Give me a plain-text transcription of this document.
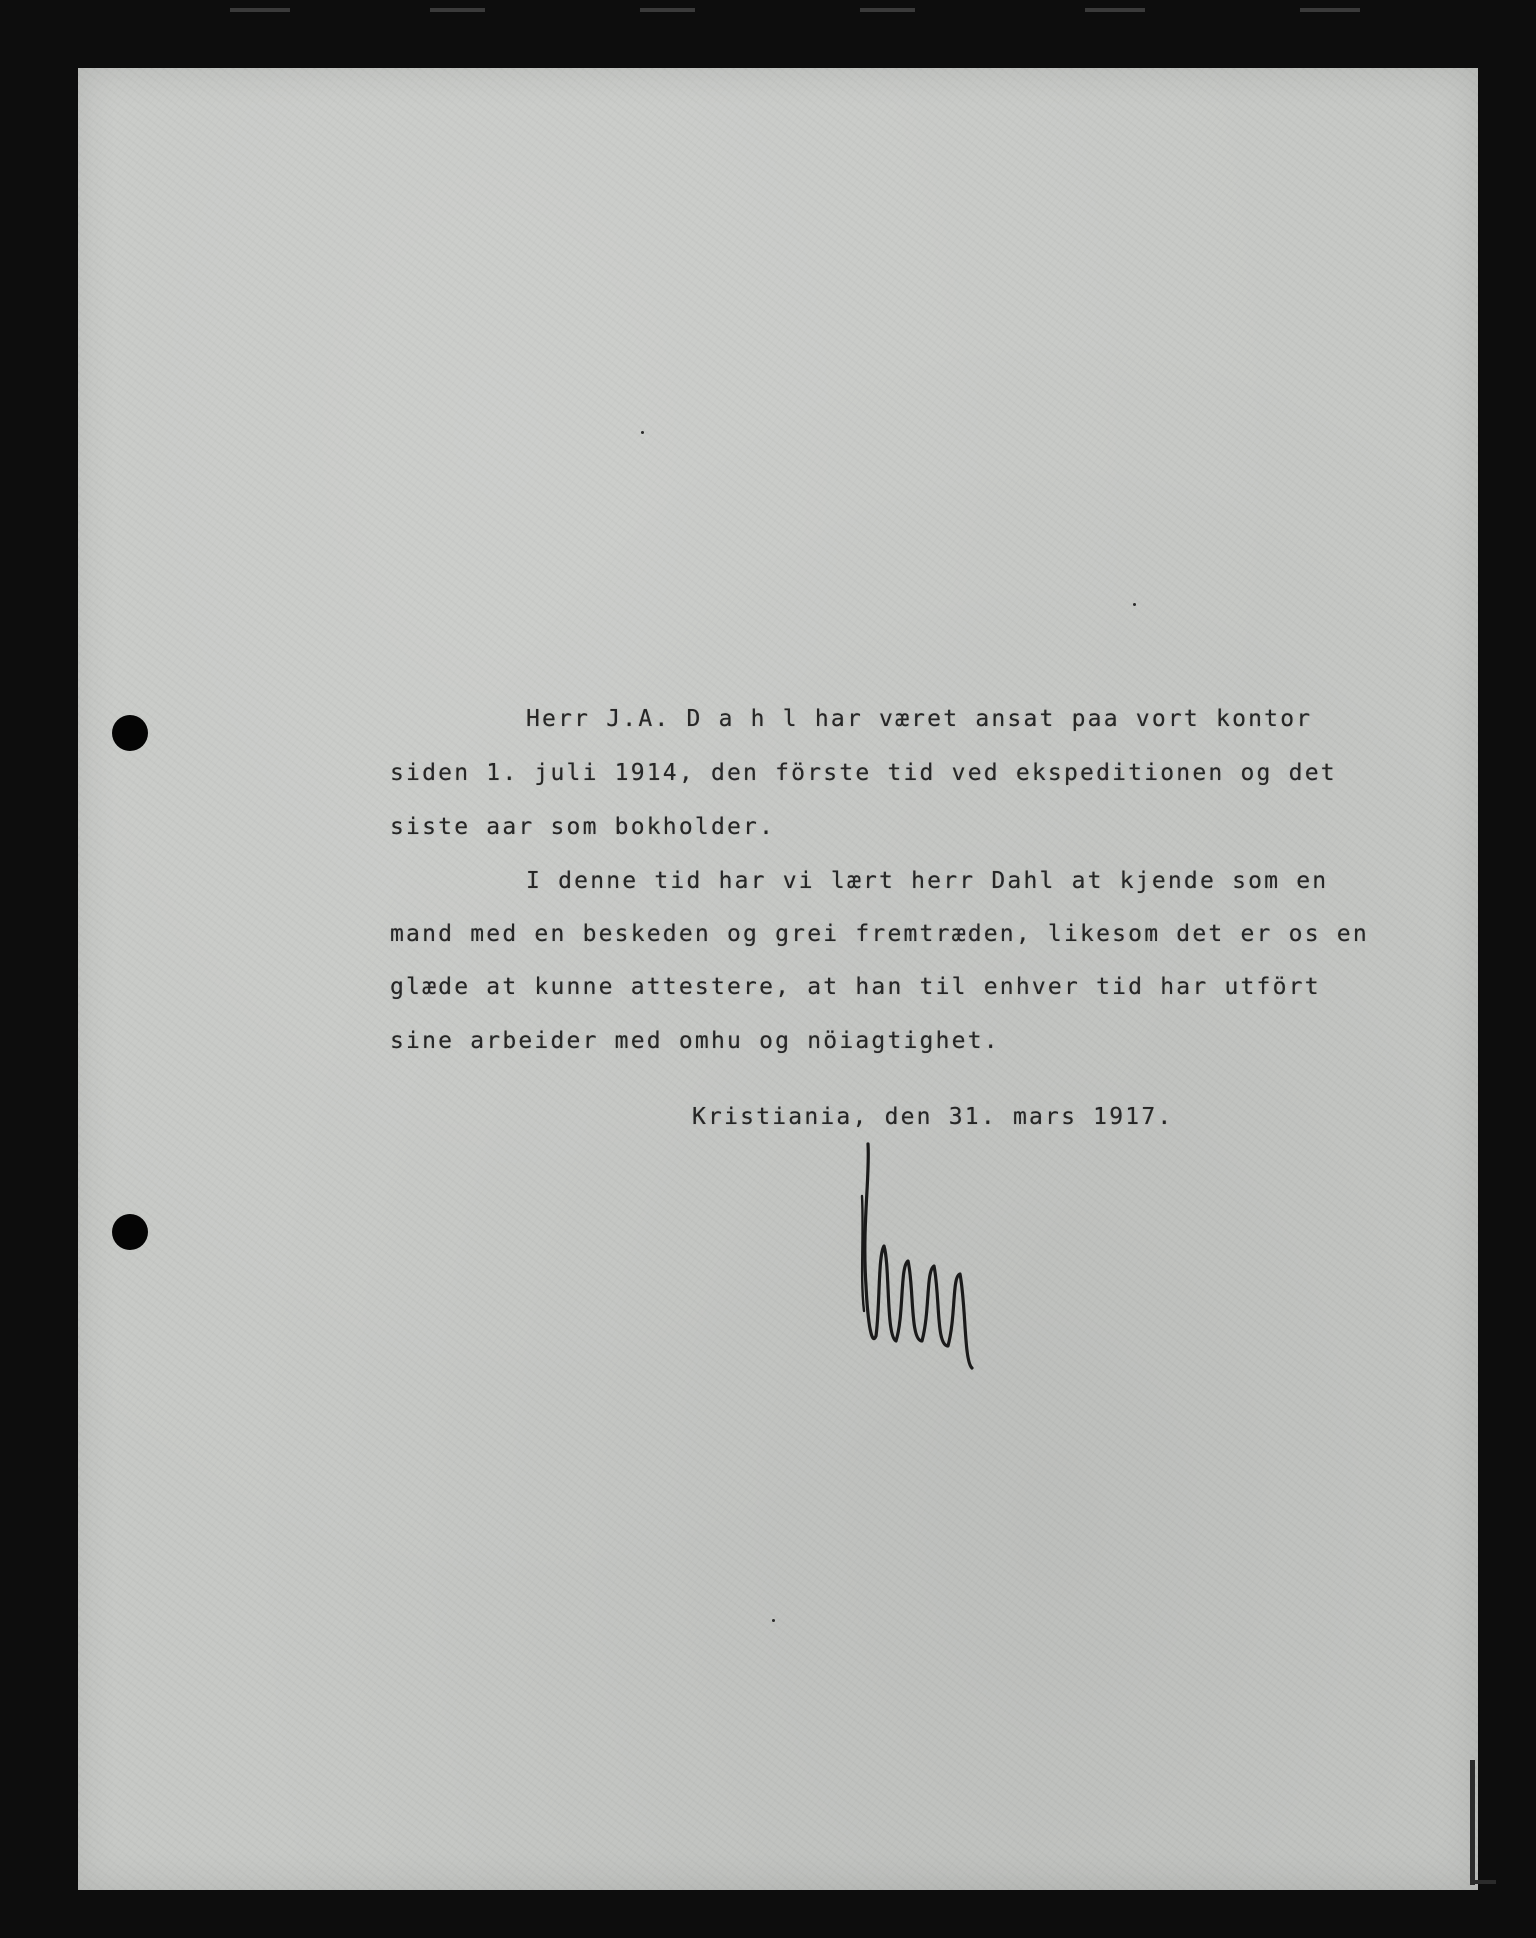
Herr J.A. D a h l har været ansat paa vort kontor

siden 1. juli 1914, den förste tid ved ekspeditionen og det

siste aar som bokholder.

I denne tid har vi lært herr Dahl at kjende som en

mand med en beskeden og grei fremtræden, likesom det er os en

glæde at kunne attestere, at han til enhver tid har utfört

sine arbeider med omhu og nöiagtighet.

Kristiania, den 31. mars 1917.
